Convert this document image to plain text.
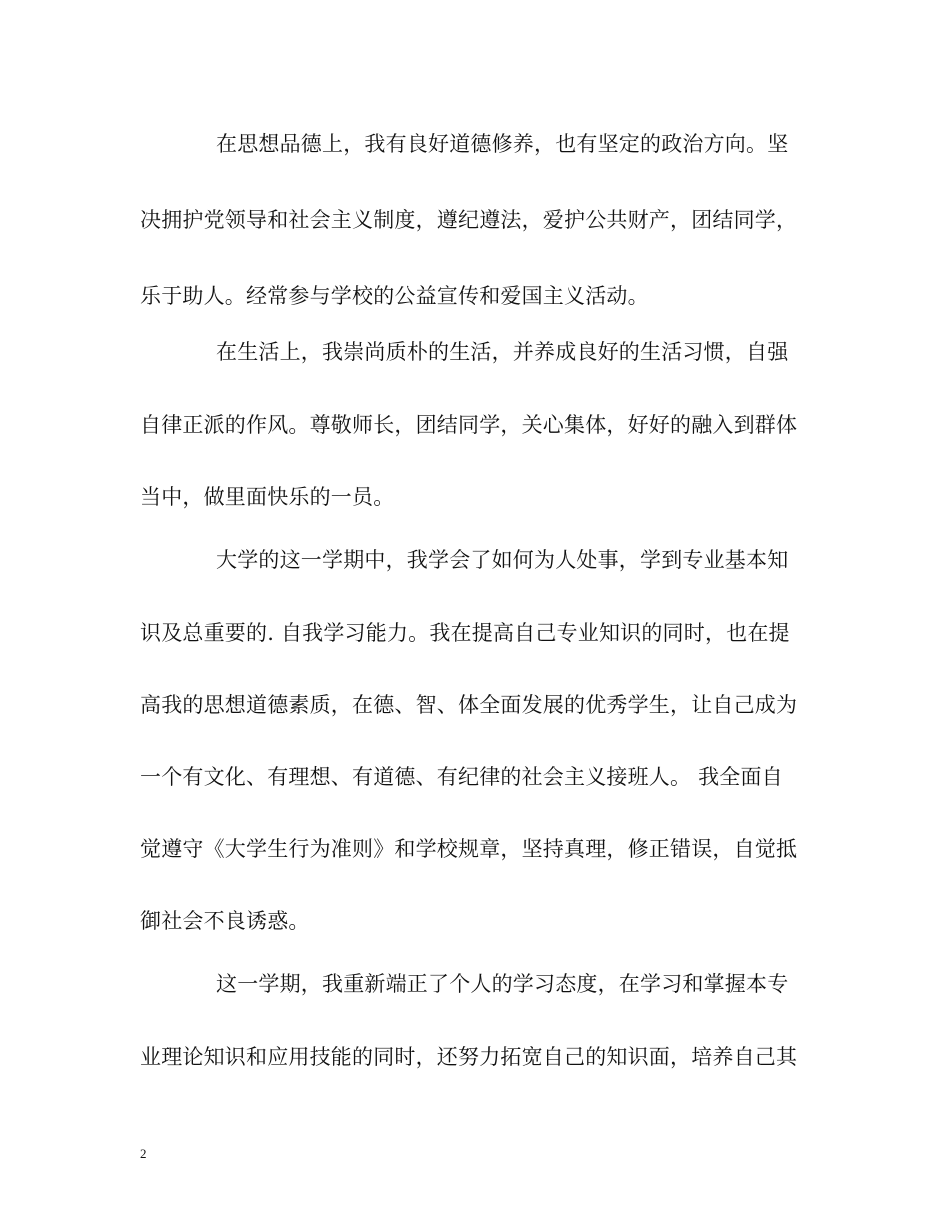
在思想品德上，我有良好道德修养，也有坚定的政治方向。坚
决拥护党领导和社会主义制度，遵纪遵法，爱护公共财产，团结同学，
乐于助人。经常参与学校的公益宣传和爱国主义活动。
在生活上，我崇尚质朴的生活，并养成良好的生活习惯，自强
自律正派的作风。尊敬师长，团结同学，关心集体，好好的融入到群体
当中，做里面快乐的一员。
大学的这一学期中，我学会了如何为人处事，学到专业基本知
识及总重要的. 自我学习能力。我在提高自己专业知识的同时，也在提
高我的思想道德素质，在德、智、体全面发展的优秀学生，让自己成为
一个有文化、有理想、有道德、有纪律的社会主义接班人。 我全面自
觉遵守《大学生行为准则》和学校规章，坚持真理，修正错误，自觉抵
御社会不良诱惑。
这一学期，我重新端正了个人的学习态度，在学习和掌握本专
业理论知识和应用技能的同时，还努力拓宽自己的知识面，培养自己其
2
